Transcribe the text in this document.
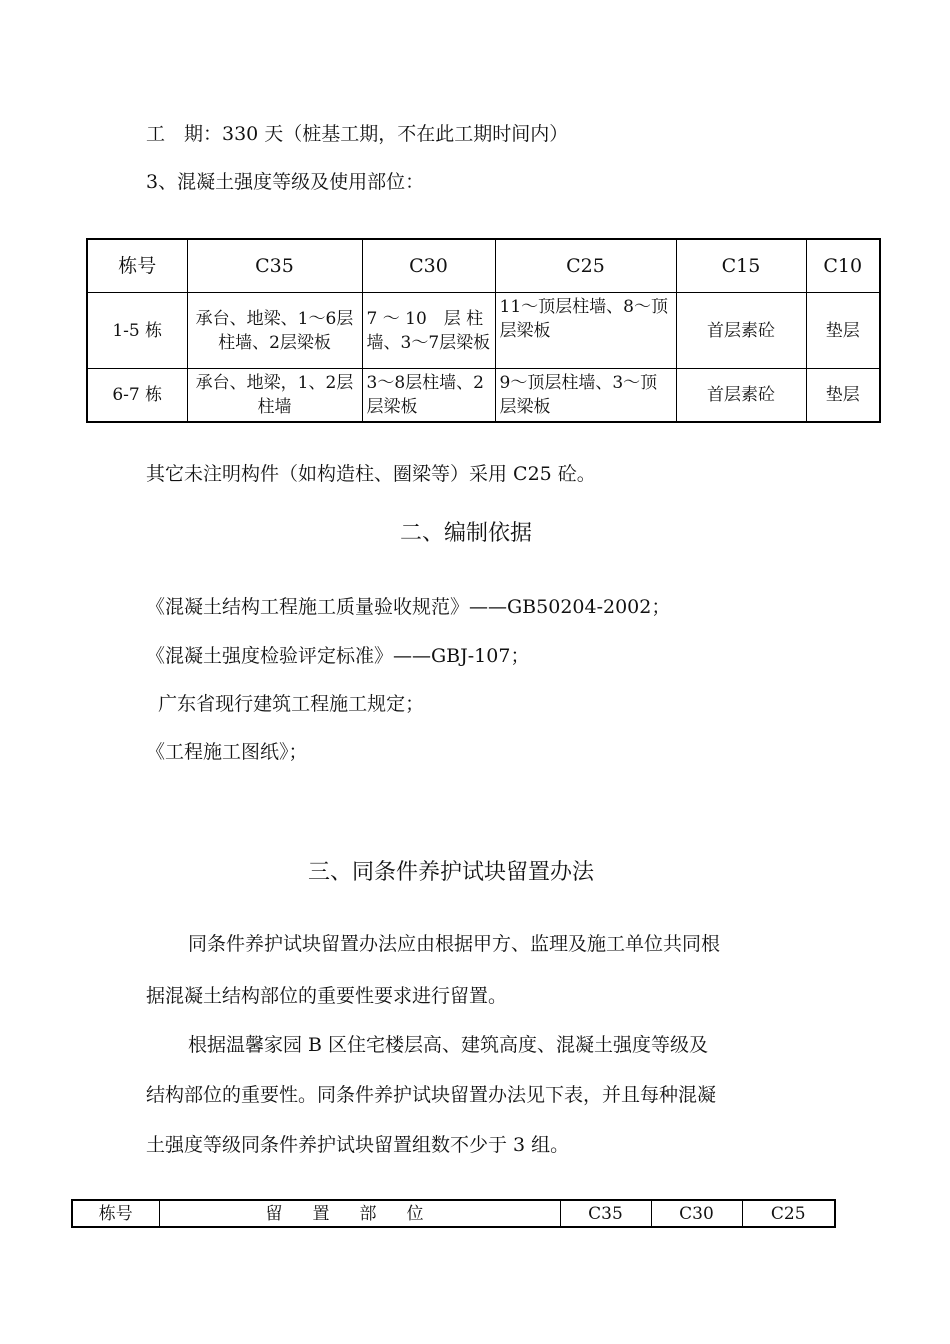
工　期：330 天（桩基工期，不在此工期时间内）
3、混凝土强度等级及使用部位：
栋号	C35	C30	C25	C15	C10
1-5 栋	承台、地梁、1～6层柱墙、2层梁板	7 ～ 10　层 柱墙、3～7层梁板	11～顶层柱墙、8～顶层梁板	首层素砼	垫层
6-7 栋	承台、地梁，1、2层柱墙	3～8层柱墙、2层梁板	9～顶层柱墙、3～顶层梁板	首层素砼	垫层
其它未注明构件（如构造柱、圈梁等）采用 C25 砼。
二、编制依据
《混凝土结构工程施工质量验收规范》——GB50204-2002；
《混凝土强度检验评定标准》——GBJ-107；
广东省现行建筑工程施工规定；
《工程施工图纸》；
三、同条件养护试块留置办法
同条件养护试块留置办法应由根据甲方、监理及施工单位共同根
据混凝土结构部位的重要性要求进行留置。
根据温馨家园 B 区住宅楼层高、建筑高度、混凝土强度等级及
结构部位的重要性。同条件养护试块留置办法见下表，并且每种混凝
土强度等级同条件养护试块留置组数不少于 3 组。
栋号	留置部位	C35	C30	C25
